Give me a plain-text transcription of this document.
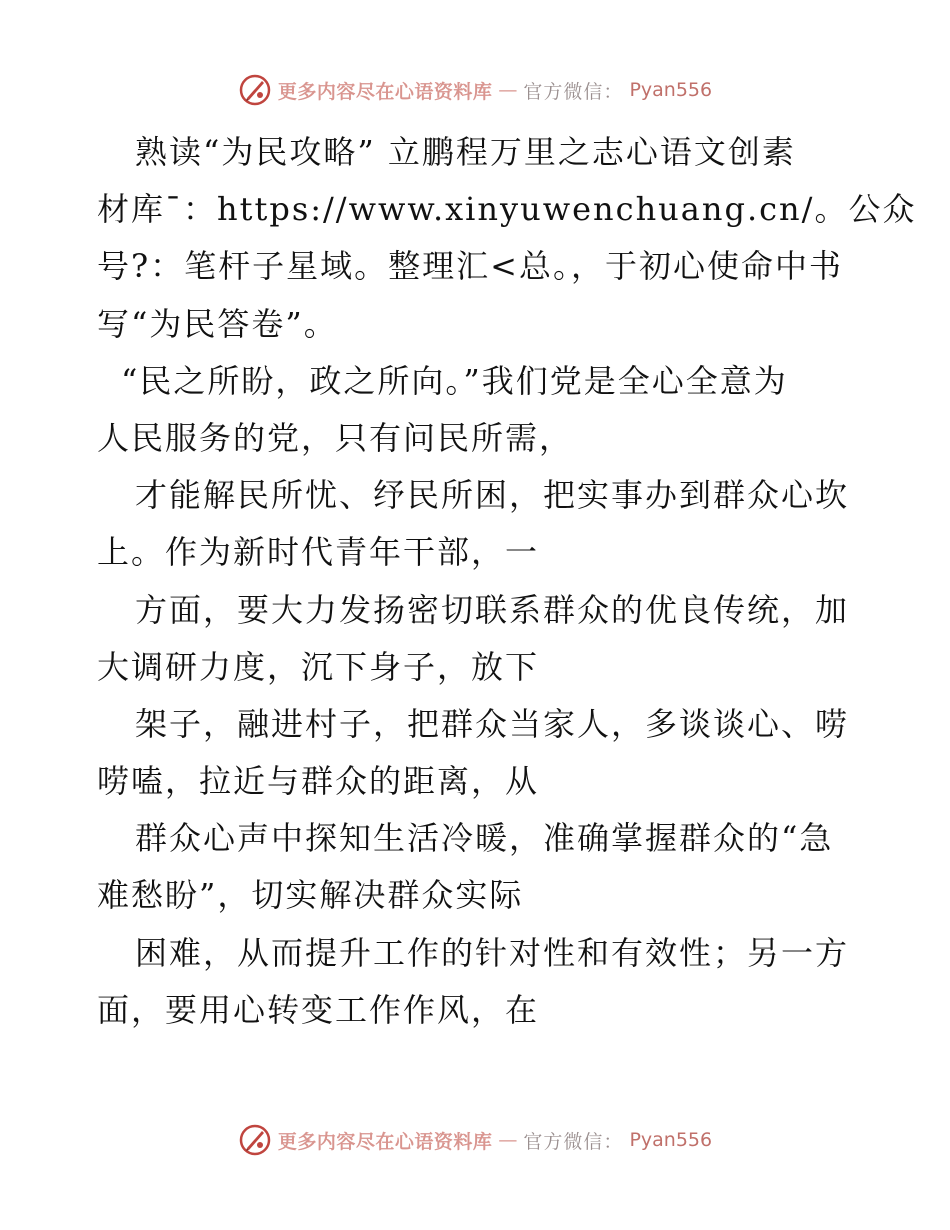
更多内容尽在心语资料库 — 官方微信： Pyan556
熟读“为民攻略” 立鹏程万里之志心语文创素
材库¯：https://www.xinyuwenchuang.cn/。公众
号?：笔杆子星域。整理汇<总。，于初心使命中书
写“为民答卷”。
“民之所盼，政之所向。”我们党是全心全意为
人民服务的党，只有问民所需，
才能解民所忧、纾民所困，把实事办到群众心坎
上。作为新时代青年干部，一
方面，要大力发扬密切联系群众的优良传统，加
大调研力度，沉下身子，放下
架子，融进村子，把群众当家人，多谈谈心、唠
唠嗑，拉近与群众的距离，从
群众心声中探知生活冷暖，准确掌握群众的“急
难愁盼”，切实解决群众实际
困难，从而提升工作的针对性和有效性；另一方
面，要用心转变工作作风，在
更多内容尽在心语资料库 — 官方微信： Pyan556
